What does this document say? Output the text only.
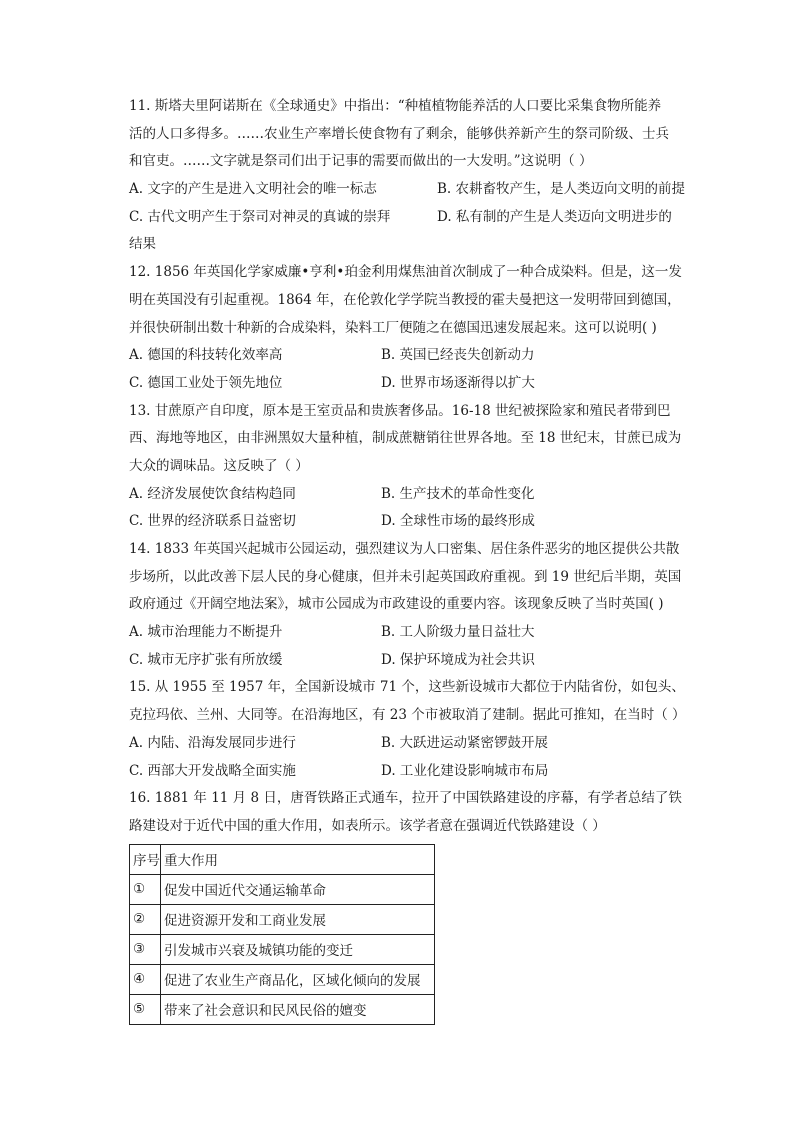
11. 斯塔夫里阿诺斯在《全球通史》中指出：“种植植物能养活的人口要比采集食物所能养
活的人口多得多。……农业生产率增长使食物有了剩余，能够供养新产生的祭司阶级、士兵
和官吏。……文字就是祭司们出于记事的需要而做出的一大发明。”这说明（ ）
A. 文字的产生是进入文明社会的唯一标志	B. 农耕畜牧产生，是人类迈向文明的前提
C. 古代文明产生于祭司对神灵的真诚的崇拜	D. 私有制的产生是人类迈向文明进步的
结果
12. 1856 年英国化学家威廉•亨利•珀金利用煤焦油首次制成了一种合成染料。但是，这一发
明在英国没有引起重视。1864 年，在伦敦化学学院当教授的霍夫曼把这一发明带回到德国，
并很快研制出数十种新的合成染料，染料工厂便随之在德国迅速发展起来。这可以说明( )
A. 德国的科技转化效率高	B. 英国已经丧失创新动力
C. 德国工业处于领先地位	D. 世界市场逐渐得以扩大
13. 甘蔗原产自印度，原本是王室贡品和贵族奢侈品。16-18 世纪被探险家和殖民者带到巴
西、海地等地区，由非洲黑奴大量种植，制成蔗糖销往世界各地。至 18 世纪末，甘蔗已成为
大众的调味品。这反映了（ ）
A. 经济发展使饮食结构趋同	B. 生产技术的革命性变化
C. 世界的经济联系日益密切	D. 全球性市场的最终形成
14. 1833 年英国兴起城市公园运动，强烈建议为人口密集、居住条件恶劣的地区提供公共散
步场所，以此改善下层人民的身心健康，但并未引起英国政府重视。到 19 世纪后半期，英国
政府通过《开阔空地法案》，城市公园成为市政建设的重要内容。该现象反映了当时英国( )
A. 城市治理能力不断提升	B. 工人阶级力量日益壮大
C. 城市无序扩张有所放缓	D. 保护环境成为社会共识
15. 从 1955 至 1957 年，全国新设城市 71 个，这些新设城市大都位于内陆省份，如包头、
克拉玛依、兰州、大同等。在沿海地区，有 23 个市被取消了建制。据此可推知，在当时（ ）
A. 内陆、沿海发展同步进行	B. 大跃进运动紧密锣鼓开展
C. 西部大开发战略全面实施	D. 工业化建设影响城市布局
16. 1881 年 11 月 8 日，唐胥铁路正式通车，拉开了中国铁路建设的序幕，有学者总结了铁
路建设对于近代中国的重大作用，如表所示。该学者意在强调近代铁路建设（ ）
序号	重大作用
①	促发中国近代交通运输革命
②	促进资源开发和工商业发展
③	引发城市兴衰及城镇功能的变迁
④	促进了农业生产商品化，区域化倾向的发展
⑤	带来了社会意识和民风民俗的嬗变
